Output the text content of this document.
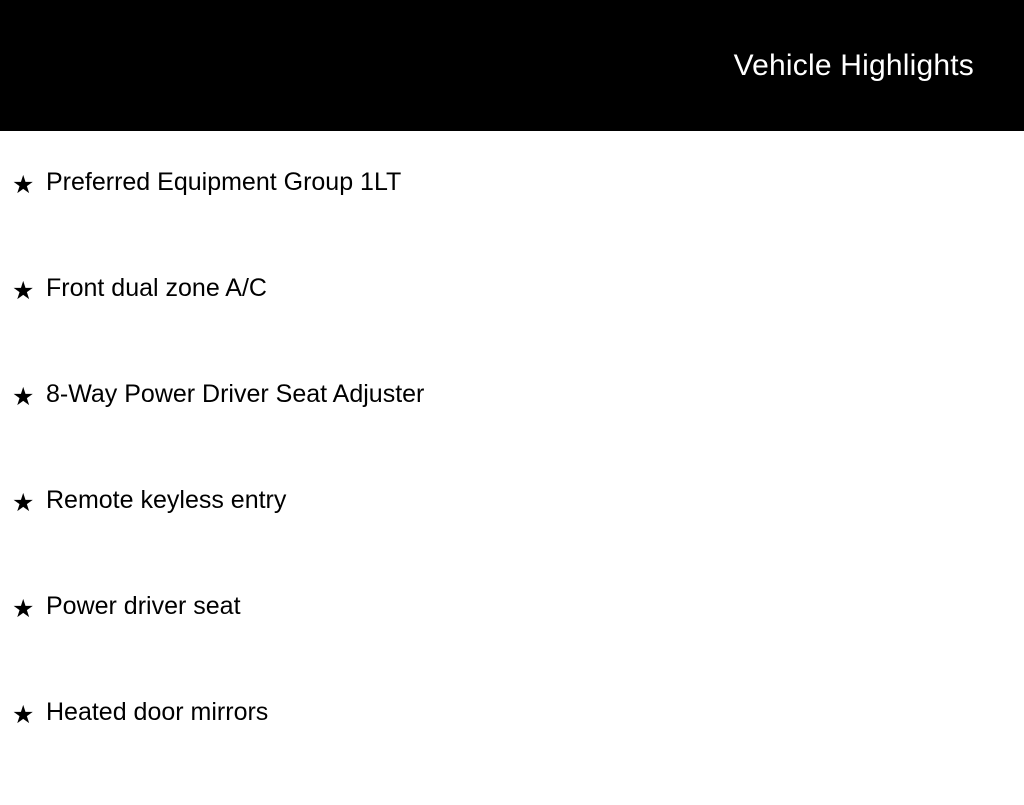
Vehicle Highlights
★ Preferred Equipment Group 1LT
★ Front dual zone A/C
★ 8-Way Power Driver Seat Adjuster
★ Remote keyless entry
★ Power driver seat
★ Heated door mirrors
